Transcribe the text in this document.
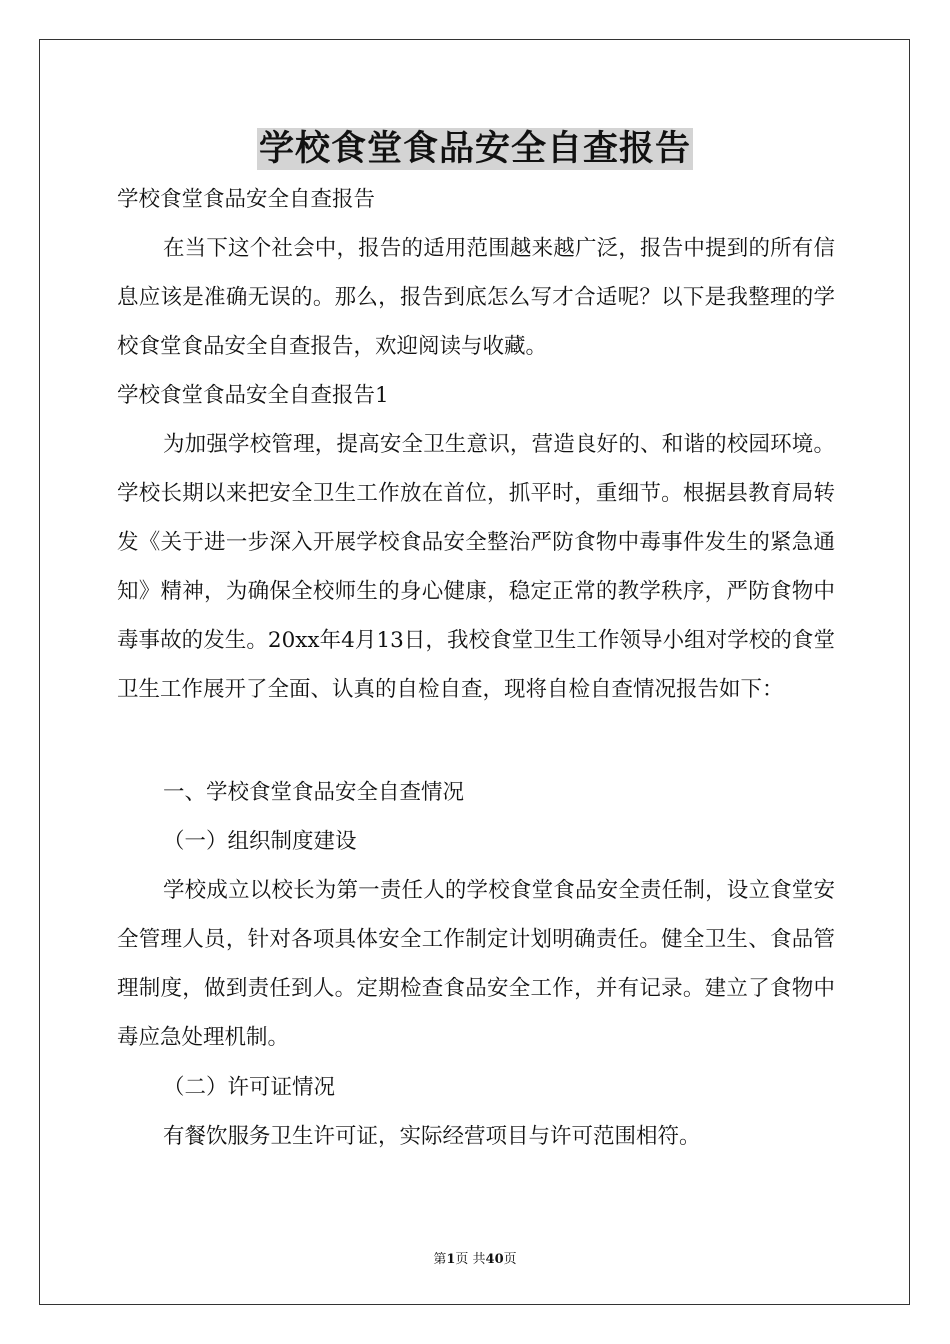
学校食堂食品安全自查报告

学校食堂食品安全自查报告

在当下这个社会中，报告的适用范围越来越广泛，报告中提到的所有信息应该是准确无误的。那么，报告到底怎么写才合适呢？以下是我整理的学校食堂食品安全自查报告，欢迎阅读与收藏。

学校食堂食品安全自查报告1

为加强学校管理，提高安全卫生意识，营造良好的、和谐的校园环境。学校长期以来把安全卫生工作放在首位，抓平时，重细节。根据县教育局转发《关于进一步深入开展学校食品安全整治严防食物中毒事件发生的紧急通知》精神，为确保全校师生的身心健康，稳定正常的教学秩序，严防食物中毒事故的发生。20xx年4月13日，我校食堂卫生工作领导小组对学校的食堂卫生工作展开了全面、认真的自检自查，现将自检自查情况报告如下：

一、学校食堂食品安全自查情况

（一）组织制度建设

学校成立以校长为第一责任人的学校食堂食品安全责任制，设立食堂安全管理人员，针对各项具体安全工作制定计划明确责任。健全卫生、食品管理制度，做到责任到人。定期检查食品安全工作，并有记录。建立了食物中毒应急处理机制。

（二）许可证情况

有餐饮服务卫生许可证，实际经营项目与许可范围相符。

第1页 共40页
